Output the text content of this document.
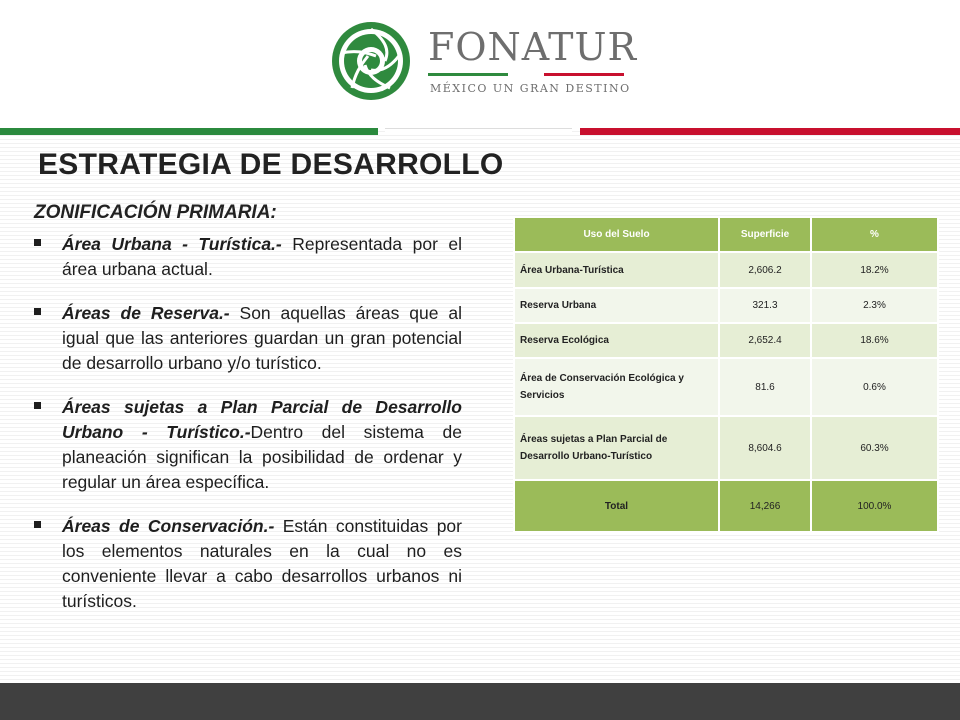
FONATUR
MÉXICO UN GRAN DESTINO
ESTRATEGIA DE DESARROLLO
ZONIFICACIÓN PRIMARIA:
Área Urbana - Turística.- Representada por el área urbana actual.
Áreas de Reserva.- Son aquellas áreas que al igual que las anteriores guardan un gran potencial de desarrollo urbano y/o turístico.
Áreas sujetas a Plan Parcial de Desarrollo Urbano - Turístico.-Dentro del sistema de planeación significan la posibilidad de ordenar y regular un área específica.
Áreas de Conservación.- Están constituidas por los elementos naturales en la cual no es conveniente llevar a cabo desarrollos urbanos ni turísticos.
Uso del Suelo	Superficie	%
Área Urbana-Turística	2,606.2	18.2%
Reserva Urbana	321.3	2.3%
Reserva Ecológica	2,652.4	18.6%
Área de Conservación Ecológica y Servicios	81.6	0.6%
Áreas sujetas a Plan Parcial de Desarrollo Urbano-Turístico	8,604.6	60.3%
Total	14,266	100.0%
